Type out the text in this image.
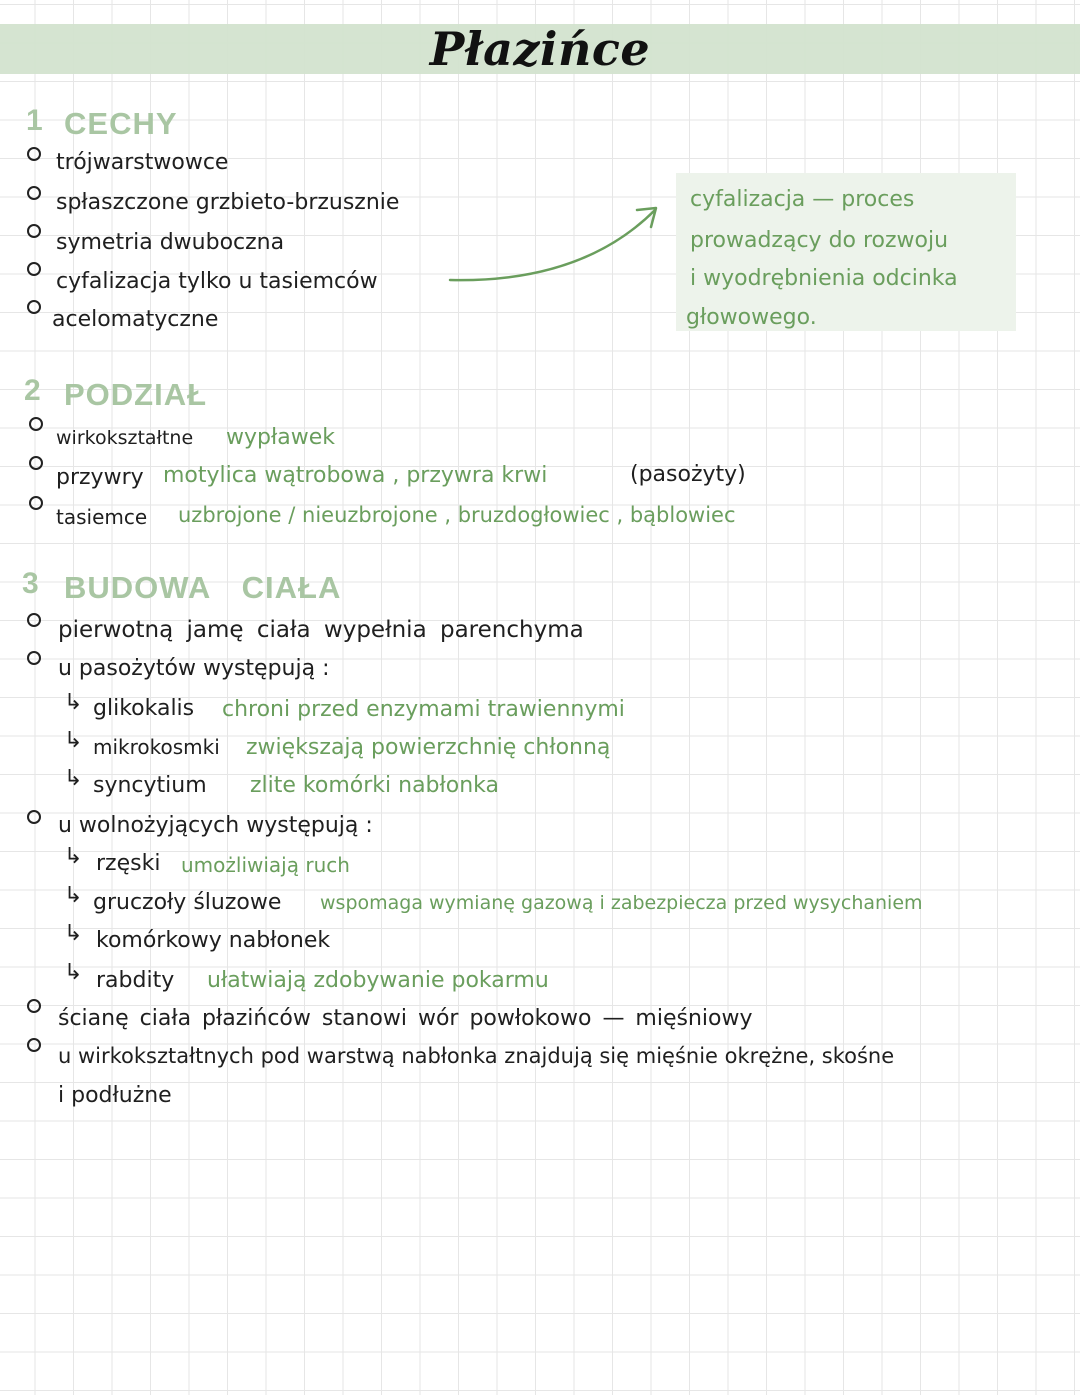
Płazińce
1 CECHY
trójwarstwowce
spłaszczone grzbieto-brzusznie
symetria dwuboczna
cyfalizacja tylko u tasiemców
acelomatyczne
cyfalizacja — proces
prowadzący do rozwoju
i wyodrębnienia odcinka
głowowego.
2 PODZIAŁ
wirkokształtne wypławek
przywry motylica wątrobowa , przywra krwi	(pasożyty)
tasiemce uzbrojone / nieuzbrojone , bruzdogłowiec , bąblowiec
3 BUDOWA CIAŁA
pierwotną jamę ciała wypełnia parenchyma
u pasożytów występują :
↳ glikokalis chroni przed enzymami trawiennymi
↳ mikrokosmki zwiększają powierzchnię chłonną
↳ syncytium zlite komórki nabłonka
u wolnożyjących występują :
↳ rzęski umożliwiają ruch
↳ gruczoły śluzowe wspomaga wymianę gazową i zabezpiecza przed wysychaniem
↳ komórkowy nabłonek
↳ rabdity ułatwiają zdobywanie pokarmu
ścianę ciała płazińców stanowi wór powłokowo — mięśniowy
u wirkokształtnych pod warstwą nabłonka znajdują się mięśnie okrężne, skośne
i podłużne
